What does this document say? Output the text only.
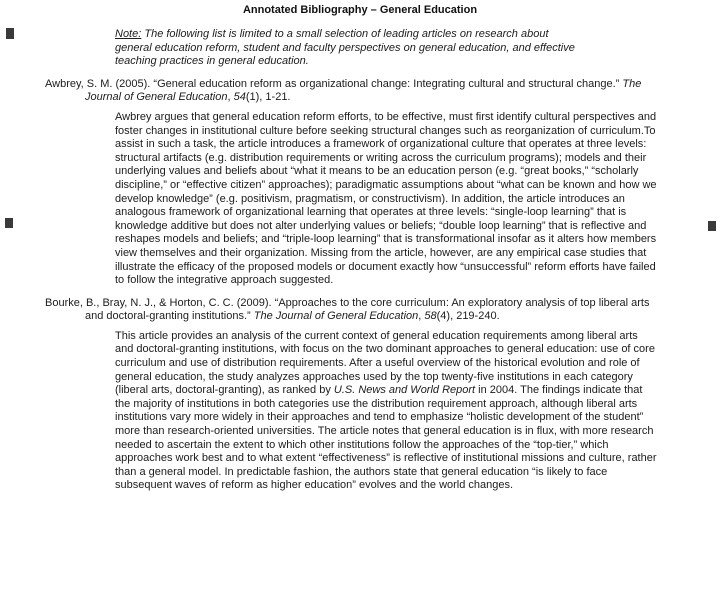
Annotated Bibliography – General Education

Note: The following list is limited to a small selection of leading articles on research about general education reform, student and faculty perspectives on general education, and effective teaching practices in general education.

Awbrey, S. M. (2005). “General education reform as organizational change: Integrating cultural and structural change.” The Journal of General Education, 54(1), 1-21.

Awbrey argues that general education reform efforts, to be effective, must first identify cultural perspectives and foster changes in institutional culture before seeking structural changes such as reorganization of curriculum.To assist in such a task, the article introduces a framework of organizational culture that operates at three levels: structural artifacts (e.g. distribution requirements or writing across the curriculum programs); models and their underlying values and beliefs about “what it means to be an education person (e.g. “great books,” “scholarly discipline,” or “effective citizen” approaches); paradigmatic assumptions about “what can be known and how we develop knowledge” (e.g. positivism, pragmatism, or constructivism). In addition, the article introduces an analogous framework of organizational learning that operates at three levels: “single-loop learning” that is knowledge additive but does not alter underlying values or beliefs; “double loop learning” that is reflective and reshapes models and beliefs; and “triple-loop learning” that is transformational insofar as it alters how members view themselves and their organization. Missing from the article, however, are any empirical case studies that illustrate the efficacy of the proposed models or document exactly how “unsuccessful” reform efforts have failed to follow the integrative approach suggested.

Bourke, B., Bray, N. J., & Horton, C. C. (2009). “Approaches to the core curriculum: An exploratory analysis of top liberal arts and doctoral-granting institutions.” The Journal of General Education, 58(4), 219-240.

This article provides an analysis of the current context of general education requirements among liberal arts and doctoral-granting institutions, with focus on the two dominant approaches to general education: use of core curriculum and use of distribution requirements. After a useful overview of the historical evolution and role of general education, the study analyzes approaches used by the top twenty-five institutions in each category (liberal arts, doctoral-granting), as ranked by U.S. News and World Report in 2004. The findings indicate that the majority of institutions in both categories use the distribution requirement approach, although liberal arts institutions vary more widely in their approaches and tend to emphasize “holistic development of the student” more than research-oriented universities. The article notes that general education is in flux, with more research needed to ascertain the extent to which other institutions follow the approaches of the “top-tier,” which approaches work best and to what extent “effectiveness” is reflective of institutional missions and culture, rather than a general model. In predictable fashion, the authors state that general education “is likely to face subsequent waves of reform as higher education” evolves and the world changes.
